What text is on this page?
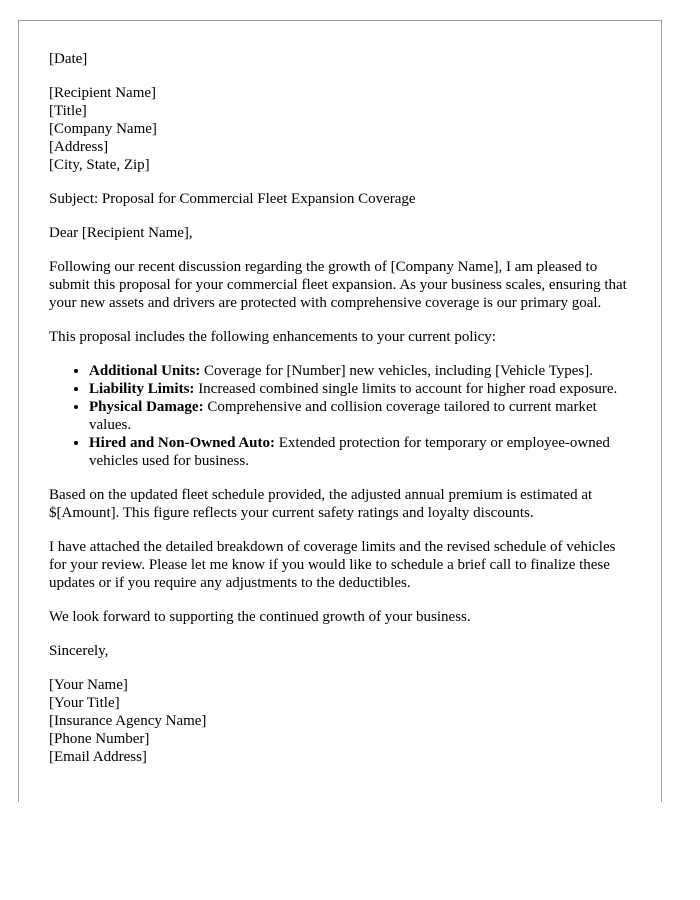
[Date]

[Recipient Name]
[Title]
[Company Name]
[Address]
[City, State, Zip]

Subject: Proposal for Commercial Fleet Expansion Coverage

Dear [Recipient Name],

Following our recent discussion regarding the growth of [Company Name], I am pleased to submit this proposal for your commercial fleet expansion. As your business scales, ensuring that your new assets and drivers are protected with comprehensive coverage is our primary goal.

This proposal includes the following enhancements to your current policy:

• Additional Units: Coverage for [Number] new vehicles, including [Vehicle Types].
• Liability Limits: Increased combined single limits to account for higher road exposure.
• Physical Damage: Comprehensive and collision coverage tailored to current market values.
• Hired and Non-Owned Auto: Extended protection for temporary or employee-owned vehicles used for business.

Based on the updated fleet schedule provided, the adjusted annual premium is estimated at $[Amount]. This figure reflects your current safety ratings and loyalty discounts.

I have attached the detailed breakdown of coverage limits and the revised schedule of vehicles for your review. Please let me know if you would like to schedule a brief call to finalize these updates or if you require any adjustments to the deductibles.

We look forward to supporting the continued growth of your business.

Sincerely,

[Your Name]
[Your Title]
[Insurance Agency Name]
[Phone Number]
[Email Address]
